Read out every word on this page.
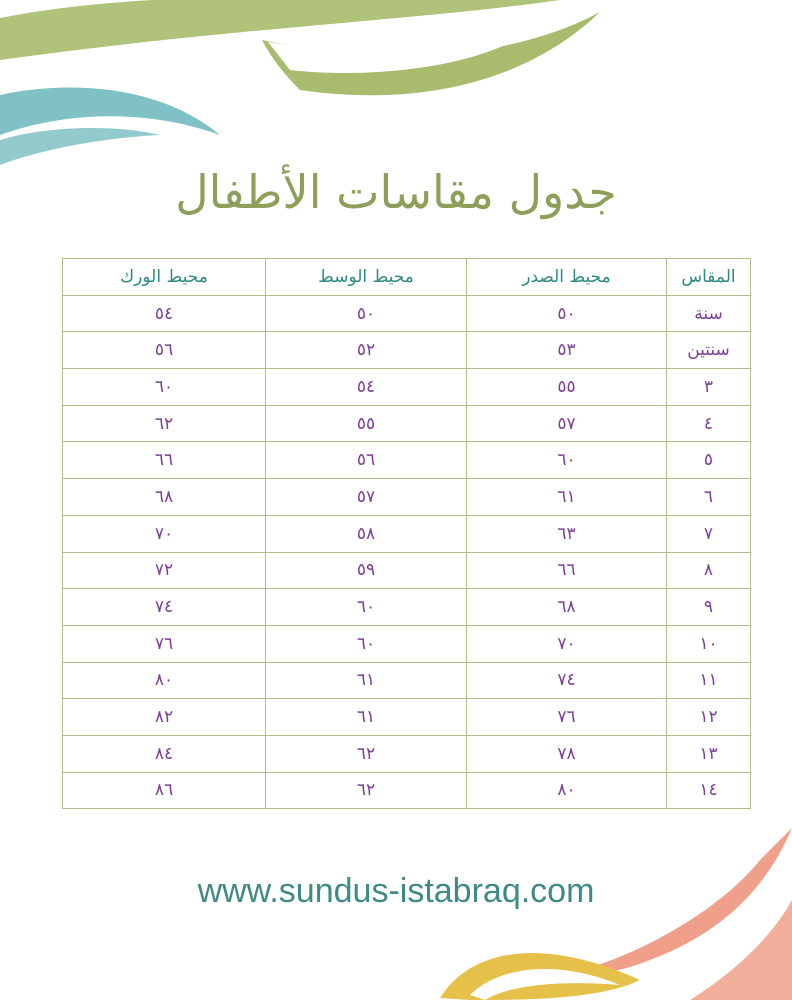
جدول مقاسات الأطفال
المقاس	محيط الصدر	محيط الوسط	محيط الورك
سنة	٥٠	٥٠	٥٤
سنتين	٥٣	٥٢	٥٦
٣	٥٥	٥٤	٦٠
٤	٥٧	٥٥	٦٢
٥	٦٠	٥٦	٦٦
٦	٦١	٥٧	٦٨
٧	٦٣	٥٨	٧٠
٨	٦٦	٥٩	٧٢
٩	٦٨	٦٠	٧٤
١٠	٧٠	٦٠	٧٦
١١	٧٤	٦١	٨٠
١٢	٧٦	٦١	٨٢
١٣	٧٨	٦٢	٨٤
١٤	٨٠	٦٢	٨٦
www.sundus-istabraq.com
